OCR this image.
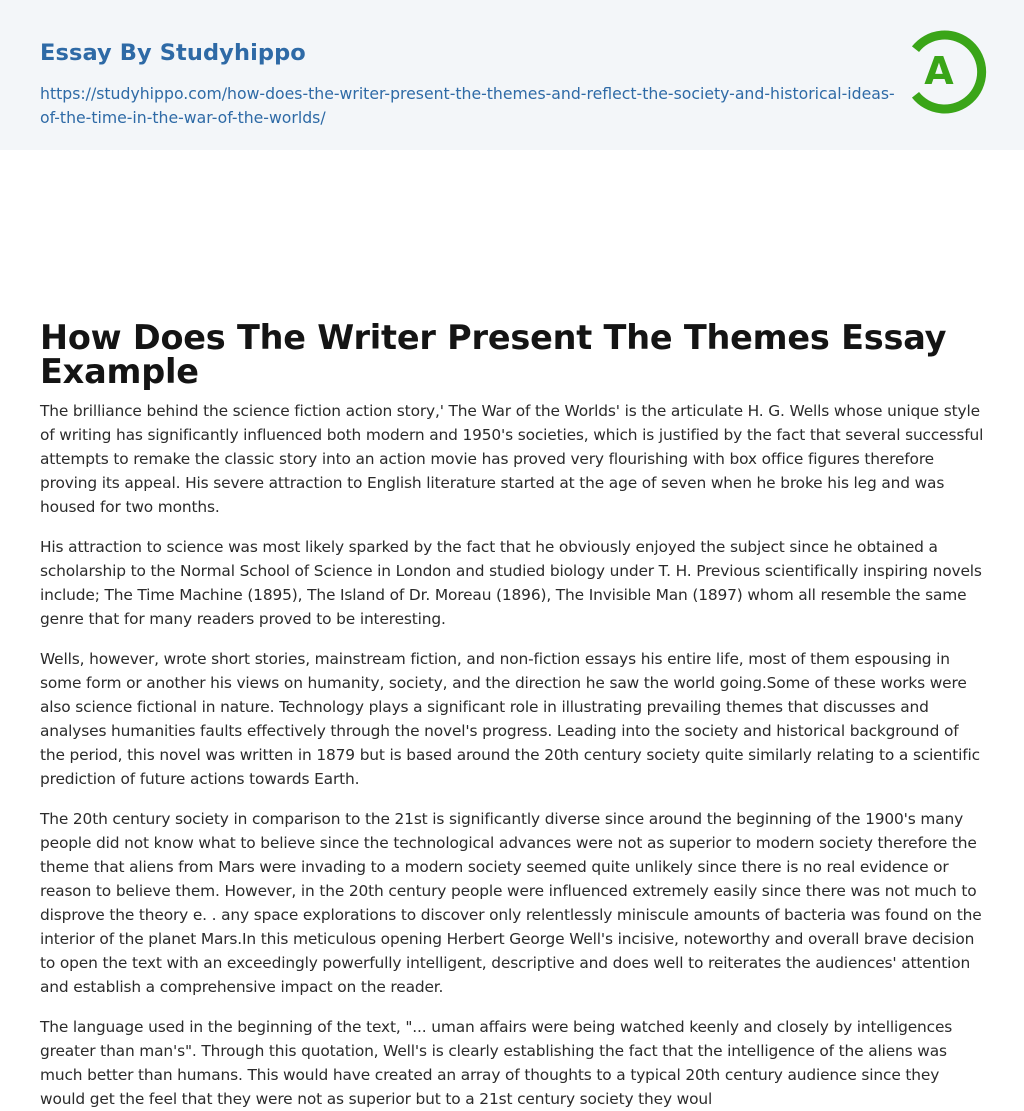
Essay By Studyhippo
https://studyhippo.com/how-does-the-writer-present-the-themes-and-reflect-the-society-and-historical-ideas-of-the-time-in-the-war-of-the-worlds/
A
How Does The Writer Present The Themes Essay Example

The brilliance behind the science fiction action story,' The War of the Worlds' is the articulate H. G. Wells whose unique style of writing has significantly influenced both modern and 1950's societies, which is justified by the fact that several successful attempts to remake the classic story into an action movie has proved very flourishing with box office figures therefore proving its appeal. His severe attraction to English literature started at the age of seven when he broke his leg and was housed for two months.

His attraction to science was most likely sparked by the fact that he obviously enjoyed the subject since he obtained a scholarship to the Normal School of Science in London and studied biology under T. H. Previous scientifically inspiring novels include; The Time Machine (1895), The Island of Dr. Moreau (1896), The Invisible Man (1897) whom all resemble the same genre that for many readers proved to be interesting.

Wells, however, wrote short stories, mainstream fiction, and non-fiction essays his entire life, most of them espousing in some form or another his views on humanity, society, and the direction he saw the world going.Some of these works were also science fictional in nature. Technology plays a significant role in illustrating prevailing themes that discusses and analyses humanities faults effectively through the novel's progress. Leading into the society and historical background of the period, this novel was written in 1879 but is based around the 20th century society quite similarly relating to a scientific prediction of future actions towards Earth.

The 20th century society in comparison to the 21st is significantly diverse since around the beginning of the 1900's many people did not know what to believe since the technological advances were not as superior to modern society therefore the theme that aliens from Mars were invading to a modern society seemed quite unlikely since there is no real evidence or reason to believe them. However, in the 20th century people were influenced extremely easily since there was not much to disprove the theory e. . any space explorations to discover only relentlessly miniscule amounts of bacteria was found on the interior of the planet Mars.In this meticulous opening Herbert George Well's incisive, noteworthy and overall brave decision to open the text with an exceedingly powerfully intelligent, descriptive and does well to reiterates the audiences' attention and establish a comprehensive impact on the reader.

The language used in the beginning of the text, "... uman affairs were being watched keenly and closely by intelligences greater than man's". Through this quotation, Well's is clearly establishing the fact that the intelligence of the aliens was much better than humans. This would have created an array of thoughts to a typical 20th century audience since they would get the feel that they were not as superior but to a 21st century society they woul
